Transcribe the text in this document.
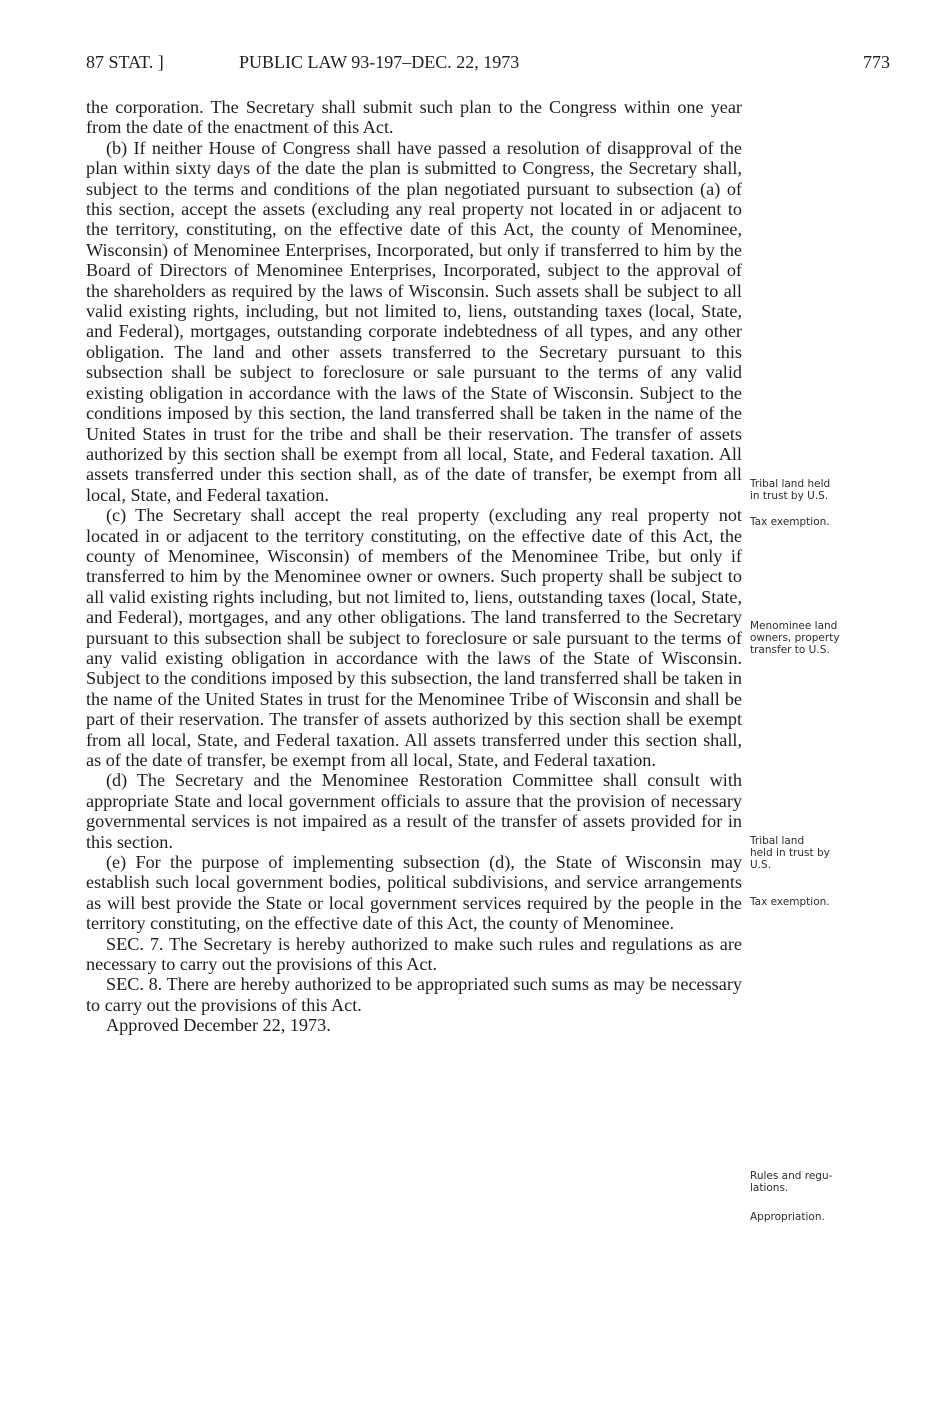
87 STAT. ]	PUBLIC LAW 93-197–DEC. 22, 1973	773

the corporation. The Secretary shall submit such plan to the Congress within one year from the date of the enactment of this Act.

(b) If neither House of Congress shall have passed a resolution of disapproval of the plan within sixty days of the date the plan is submitted to Congress, the Secretary shall, subject to the terms and conditions of the plan negotiated pursuant to subsection (a) of this section, accept the assets (excluding any real property not located in or adjacent to the territory, constituting, on the effective date of this Act, the county of Menominee, Wisconsin) of Menominee Enterprises, Incorporated, but only if transferred to him by the Board of Directors of Menominee Enterprises, Incorporated, subject to the approval of the shareholders as required by the laws of Wisconsin. Such assets shall be subject to all valid existing rights, including, but not limited to, liens, outstanding taxes (local, State, and Federal), mortgages, outstanding corporate indebtedness of all types, and any other obligation. The land and other assets transferred to the Secretary pursuant to this subsection shall be subject to foreclosure or sale pursuant to the terms of any valid existing obligation in accordance with the laws of the State of Wisconsin. Subject to the conditions imposed by this section, the land transferred shall be taken in the name of the United States in trust for the tribe and shall be their reservation. The transfer of assets authorized by this section shall be exempt from all local, State, and Federal taxation. All assets transferred under this section shall, as of the date of transfer, be exempt from all local, State, and Federal taxation.

(c) The Secretary shall accept the real property (excluding any real property not located in or adjacent to the territory constituting, on the effective date of this Act, the county of Menominee, Wisconsin) of members of the Menominee Tribe, but only if transferred to him by the Menominee owner or owners. Such property shall be subject to all valid existing rights including, but not limited to, liens, outstanding taxes (local, State, and Federal), mortgages, and any other obligations. The land transferred to the Secretary pursuant to this subsection shall be subject to foreclosure or sale pursuant to the terms of any valid existing obligation in accordance with the laws of the State of Wisconsin. Subject to the conditions imposed by this subsection, the land transferred shall be taken in the name of the United States in trust for the Menominee Tribe of Wisconsin and shall be part of their reservation. The transfer of assets authorized by this section shall be exempt from all local, State, and Federal taxation. All assets transferred under this section shall, as of the date of transfer, be exempt from all local, State, and Federal taxation.

(d) The Secretary and the Menominee Restoration Committee shall consult with appropriate State and local government officials to assure that the provision of necessary governmental services is not impaired as a result of the transfer of assets provided for in this section.

(e) For the purpose of implementing subsection (d), the State of Wisconsin may establish such local government bodies, political subdivisions, and service arrangements as will best provide the State or local government services required by the people in the territory constituting, on the effective date of this Act, the county of Menominee.

SEC. 7. The Secretary is hereby authorized to make such rules and regulations as are necessary to carry out the provisions of this Act.

SEC. 8. There are hereby authorized to be appropriated such sums as may be necessary to carry out the provisions of this Act.

Approved December 22, 1973.

Tribal land held
in trust by U.S.
Tax exemption.
Menominee land
owners, property
transfer to U.S.
Tribal land
held in trust by
U.S.
Tax exemption.
Rules and regu-
lations.
Appropriation.
